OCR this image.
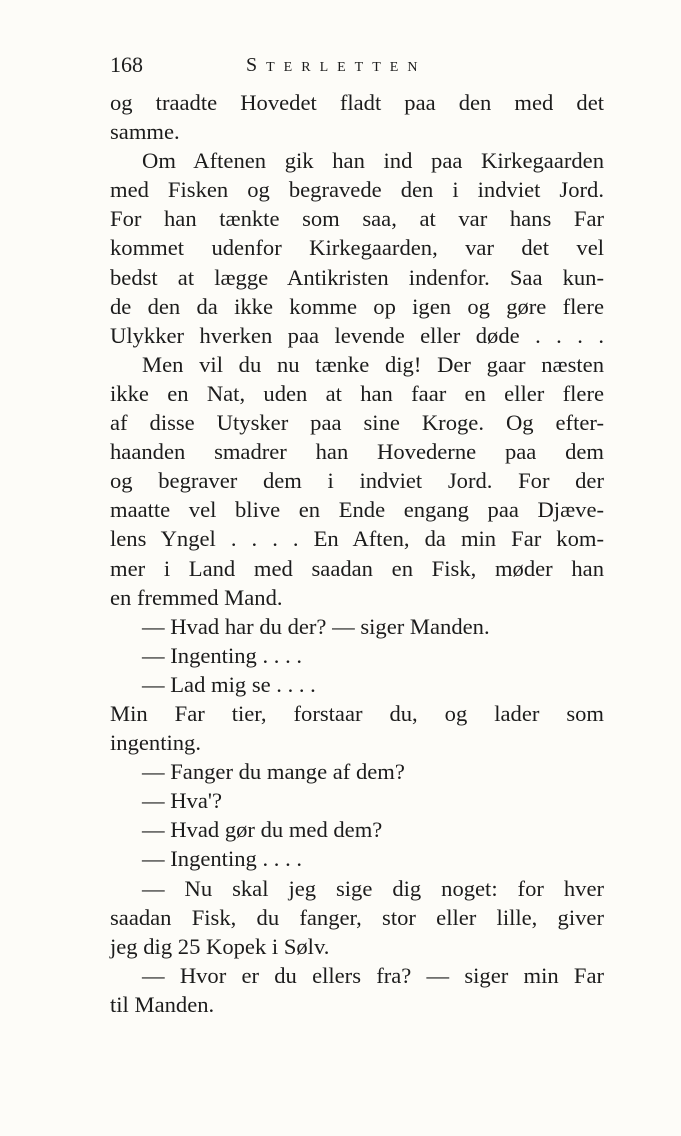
168	Sterletten
og traadte Hovedet fladt paa den med det
samme.
Om Aftenen gik han ind paa Kirkegaarden
med Fisken og begravede den i indviet Jord.
For han tænkte som saa, at var hans Far
kommet udenfor Kirkegaarden, var det vel
bedst at lægge Antikristen indenfor. Saa kun-
de den da ikke komme op igen og gøre flere
Ulykker hverken paa levende eller døde . . . .
Men vil du nu tænke dig! Der gaar næsten
ikke en Nat, uden at han faar en eller flere
af disse Utysker paa sine Kroge. Og efter-
haanden smadrer han Hovederne paa dem
og begraver dem i indviet Jord. For der
maatte vel blive en Ende engang paa Djæve-
lens Yngel . . . . En Aften, da min Far kom-
mer i Land med saadan en Fisk, møder han
en fremmed Mand.
— Hvad har du der? — siger Manden.
— Ingenting . . . .
— Lad mig se . . . .
Min Far tier, forstaar du, og lader som
ingenting.
— Fanger du mange af dem?
— Hva'?
— Hvad gør du med dem?
— Ingenting . . . .
— Nu skal jeg sige dig noget: for hver
saadan Fisk, du fanger, stor eller lille, giver
jeg dig 25 Kopek i Sølv.
— Hvor er du ellers fra? — siger min Far
til Manden.
